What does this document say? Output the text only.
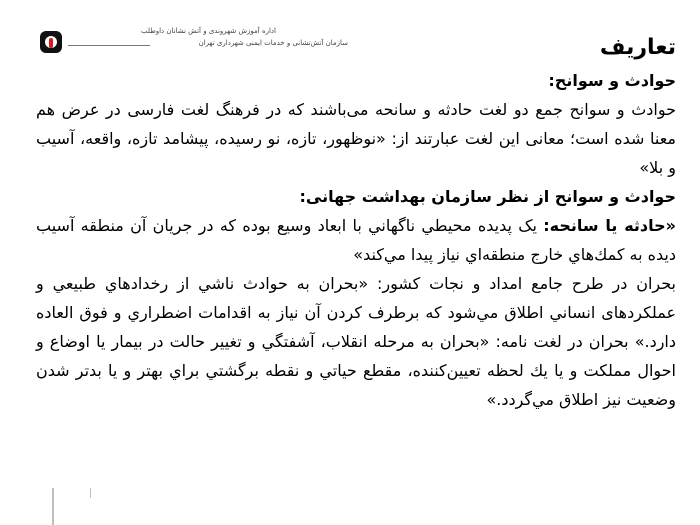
اداره آموزش شهروندی و آتش نشانان داوطلب
سازمان آتش‌نشانی و خدمات ایمنی شهرداری تهران	تعاریف
حوادث و سوانح:
حوادث و سوانح جمع دو لغت حادثه و سانحه می‌باشند که در فرهنگ لغت فارسی در عرض هم معنا شده است؛ معانی این لغت عبارتند از: «نوظهور، تازه، نو رسیده، پیشامد تازه، واقعه، آسیب و بلا»
حوادث و سوانح از نظر سازمان بهداشت جهانی:
«حادثه يا سانحه: یک پديده محيطي ناگهاني با ابعاد وسيع بوده كه در جريان آن منطقه آسيب ديده به كمك‌هاي خارج منطقه‌اي نياز پيدا مي‌كند»
بحران در طرح جامع امداد و نجات كشور: «بحران به حوادث ناشي از رخدادهاي طبيعي و عملكردهای انساني اطلاق مي‌شود كه برطرف كردن آن نياز به اقدامات اضطراري و فوق العاده دارد.» بحران در لغت نامه: «بحران به مرحله انقلاب، آشفتگي و تغيير حالت در بيمار يا اوضاع و احوال مملكت و يا يك لحظه تعيين‌کننده، مقطع حياتي و نقطه برگشتي براي بهتر و يا بدتر شدن وضعيت نيز اطلاق مي‌گردد.»
